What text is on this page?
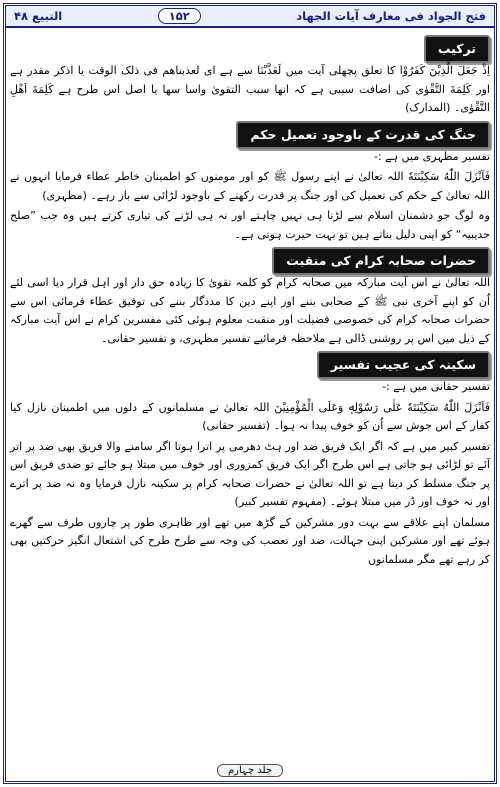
التبیع ۴۸	۱۵۲	فتح الجواد فی معارف آیات الجهاد
ترکیب

اِذْ جَعَلَ الَّذِیْنَ كَفَرُوْا کا تعلق پچھلی آیت میں لَعَذَّبْنَا سے ہے ای لعذبناھم فی ذلک الوقت یا اذکر مقدر ہے اور كَلِمَةَ التَّقْوٰى کی اضافت سببی ہے کہ انھا سبب التقویٰ واسا سھا یا اصل اس طرح ہے كَلِمَةَ اَهْلِ التَّقْوٰى۔ (المدارک)

جنگ کی قدرت کے باوجود تعمیل حکم

تفسیر مظہری میں ہے :-

فَاَنْزَلَ اللّٰهُ سَكِیْنَتَهٗ اللہ تعالیٰ نے اپنے رسول ﷺ کو اور مومنوں کو اطمینان خاطر عطاء فرمایا انہوں نے اللہ تعالیٰ کے حکم کی تعمیل کی اور جنگ پر قدرت رکھنے کے باوجود لڑائی سے باز رہے۔ (مظہری)

وہ لوگ جو دشمنان اسلام سے لڑنا ہی نہیں چاہتے اور نہ ہی لڑنے کی تیاری کرتے ہیں وہ جب ”صلح حدیبیہ“ کو اپنی دلیل بناتے ہیں تو بہت حیرت ہوتی ہے۔

حضرات صحابہ کرام کی منقبت

اللہ تعالیٰ نے اس آیت مبارکہ میں صحابہ کرام کو کلمہ تقویٰ کا زیادہ حق دار اور اہل قرار دیا اسی لئے اُن کو اپنے آخری نبی ﷺ کے صحابی بننے اور اپنے دین کا مددگار بننے کی توفیق عطاء فرمائی اس سے حضرات صحابہ کرام کی خصوصی فضیلت اور منقبت معلوم ہوئی کئی مفسرین کرام نے اس آیت مبارکہ کے ذیل میں اس پر روشنی ڈالی ہے ملاحظہ فرمائیے تفسیر مظہری، و تفسیر حقانی۔

سکینہ کی عجیب تفسیر

تفسیر حقانی میں ہے :-

فَاَنْزَلَ اللّٰهُ سَكِیْنَتَهٗ عَلٰى رَسُوْلِهٖ وَعَلَى الْمُؤْمِنِیْنَ اللہ تعالیٰ نے مسلمانوں کے دلوں میں اطمینان نازل کیا کفار کے اس جوش سے اُن کو خوف پیدا نہ ہوا۔ (تفسیر حقانی)

تفسیر کبیر میں ہے کہ اگر ایک فریق ضد اور ہٹ دھرمی پر اترا ہوتا اگر سامنے والا فریق بھی ضد پر اتر آئے تو لڑائی ہو جاتی ہے اس طرح اگر ایک فریق کمزوری اور خوف میں مبتلا ہو جائے تو ضدی فریق اس پر جنگ مسلط کر دیتا ہے تو اللہ تعالیٰ نے حضرات صحابہ کرام پر سکینہ نازل فرمایا وہ نہ ضد پر اترے اور نہ خوف اور ڈر میں مبتلا ہوئے۔ (مفہوم تفسیر کبیر)

مسلمان اپنے علاقے سے بہت دور مشرکین کے گڑھ میں تھے اور ظاہری طور پر چاروں طرف سے گھرے ہوئے تھے اور مشرکین اپنی جہالت، ضد اور تعصب کی وجہ سے طرح طرح کی اشتعال انگیز حرکتیں بھی کر رہے تھے مگر مسلمانوں

جلد چہارم
